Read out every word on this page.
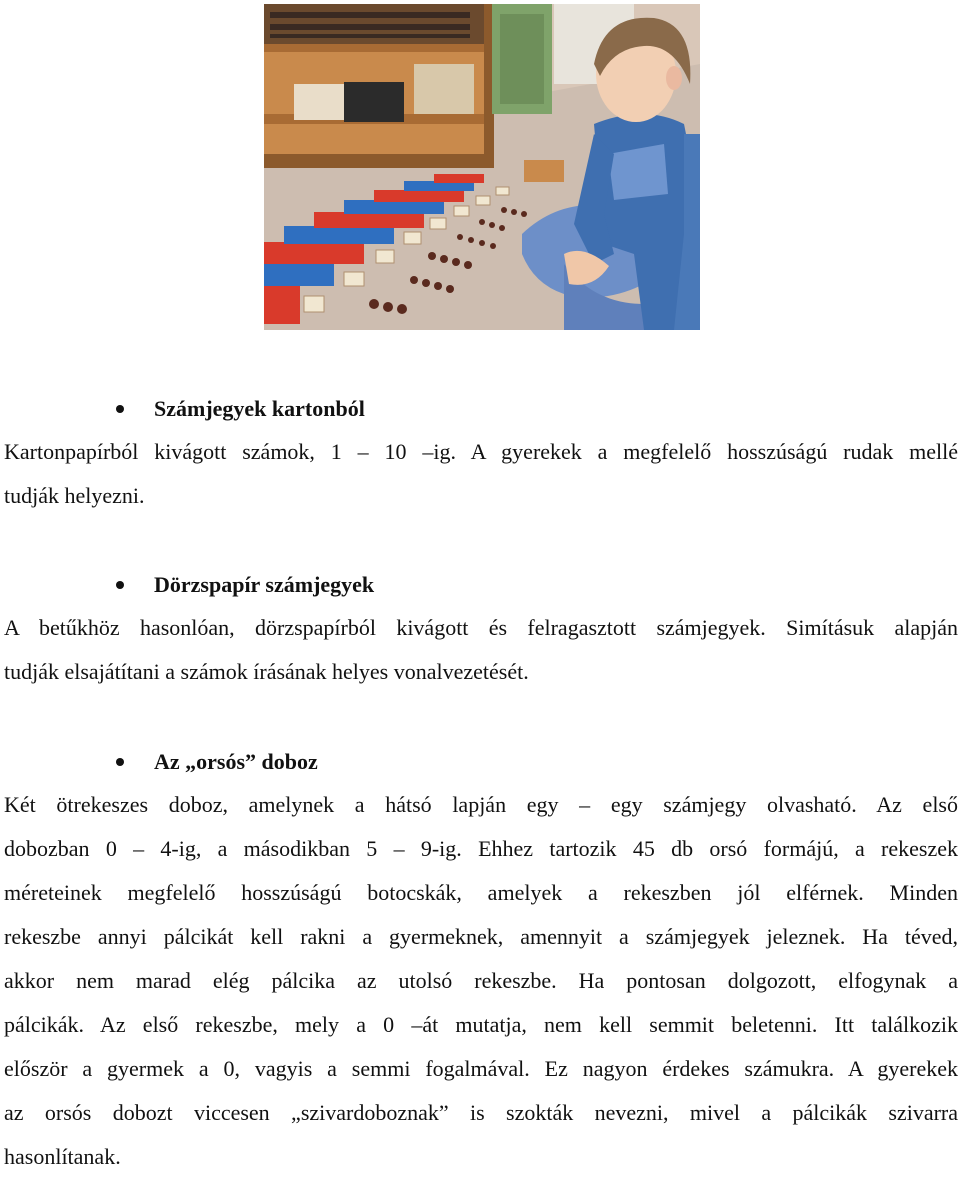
Számjegyek kartonból
Kartonpapírból kivágott számok, 1 – 10 –ig. A gyerekek a megfelelő hosszúságú rudak mellé
tudják helyezni.
Dörzspapír számjegyek
A betűkhöz hasonlóan, dörzspapírból kivágott és felragasztott számjegyek. Simításuk alapján
tudják elsajátítani a számok írásának helyes vonalvezetését.
Az „orsós” doboz
Két ötrekeszes doboz, amelynek a hátsó lapján egy – egy számjegy olvasható. Az első
dobozban 0 – 4-ig, a másodikban 5 – 9-ig. Ehhez tartozik 45 db orsó formájú, a rekeszek
méreteinek megfelelő hosszúságú botocskák, amelyek a rekeszben jól elférnek. Minden
rekeszbe annyi pálcikát kell rakni a gyermeknek, amennyit a számjegyek jeleznek. Ha téved,
akkor nem marad elég pálcika az utolsó rekeszbe. Ha pontosan dolgozott, elfogynak a
pálcikák. Az első rekeszbe, mely a 0 –át mutatja, nem kell semmit beletenni. Itt találkozik
először a gyermek a 0, vagyis a semmi fogalmával. Ez nagyon érdekes számukra. A gyerekek
az orsós dobozt viccesen „szivardoboznak” is szokták nevezni, mivel a pálcikák szivarra
hasonlítanak.
